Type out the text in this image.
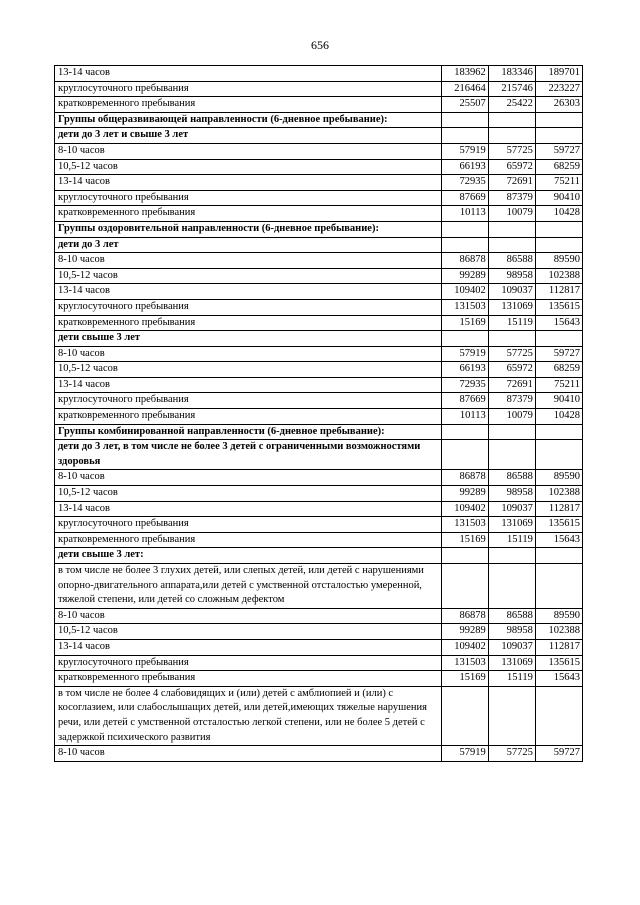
656
13-14 часов	183962	183346	189701
круглосуточного пребывания	216464	215746	223227
кратковременного пребывания	25507	25422	26303
Группы общеразвивающей направленности (6-дневное пребывание):			
дети до 3 лет и свыше 3 лет			
8-10 часов	57919	57725	59727
10,5-12 часов	66193	65972	68259
13-14 часов	72935	72691	75211
круглосуточного пребывания	87669	87379	90410
кратковременного пребывания	10113	10079	10428
Группы оздоровительной направленности (6-дневное пребывание):			
дети до 3 лет			
8-10 часов	86878	86588	89590
10,5-12 часов	99289	98958	102388
13-14 часов	109402	109037	112817
круглосуточного пребывания	131503	131069	135615
кратковременного пребывания	15169	15119	15643
дети свыше 3 лет			
8-10 часов	57919	57725	59727
10,5-12 часов	66193	65972	68259
13-14 часов	72935	72691	75211
круглосуточного пребывания	87669	87379	90410
кратковременного пребывания	10113	10079	10428
Группы комбинированной направленности (6-дневное пребывание):			
дети до 3 лет, в том числе не более 3 детей с ограниченными возможностями здоровья			
8-10 часов	86878	86588	89590
10,5-12 часов	99289	98958	102388
13-14 часов	109402	109037	112817
круглосуточного пребывания	131503	131069	135615
кратковременного пребывания	15169	15119	15643
дети свыше 3 лет:			
в том числе не более 3 глухих детей, или слепых детей, или детей с нарушениями опорно-двигательного аппарата,или детей с умственной отсталостью умеренной, тяжелой степени, или детей со сложным дефектом			
8-10 часов	86878	86588	89590
10,5-12 часов	99289	98958	102388
13-14 часов	109402	109037	112817
круглосуточного пребывания	131503	131069	135615
кратковременного пребывания	15169	15119	15643
в том числе не более 4 слабовидящих и (или) детей с амблиопией и (или) с косоглазием, или слабослышащих детей, или детей,имеющих тяжелые нарушения речи, или детей с умственной отсталостью легкой степени, или не более 5 детей с задержкой психического развития			
8-10 часов	57919	57725	59727
